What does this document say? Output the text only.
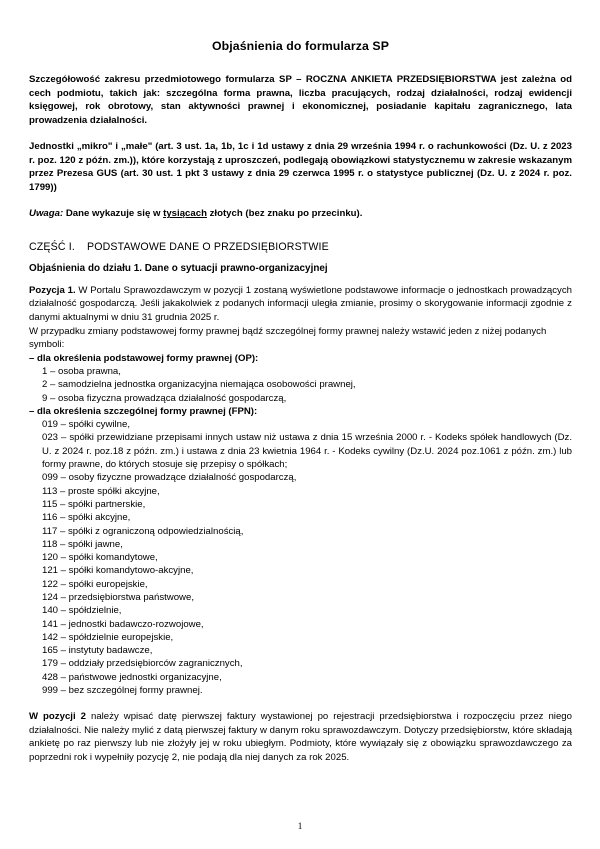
Objaśnienia do formularza SP

Szczegółowość zakresu przedmiotowego formularza SP – ROCZNA ANKIETA PRZEDSIĘBIORSTWA jest zależna od cech podmiotu, takich jak: szczególna forma prawna, liczba pracujących, rodzaj działalności, rodzaj ewidencji księgowej, rok obrotowy, stan aktywności prawnej i ekonomicznej, posiadanie kapitału zagranicznego, lata prowadzenia działalności.

Jednostki „mikro" i „małe" (art. 3 ust. 1a, 1b, 1c i 1d ustawy z dnia 29 września 1994 r. o rachunkowości (Dz. U. z 2023 r. poz. 120 z późn. zm.)), które korzystają z uproszczeń, podlegają obowiązkowi statystycznemu w zakresie wskazanym przez Prezesa GUS (art. 30 ust. 1 pkt 3 ustawy z dnia 29 czerwca 1995 r. o statystyce publicznej (Dz. U. z 2024 r. poz. 1799))

Uwaga: Dane wykazuje się w tysiącach złotych (bez znaku po przecinku).

CZĘŚĆ I. PODSTAWOWE DANE O PRZEDSIĘBIORSTWIE

Objaśnienia do działu 1. Dane o sytuacji prawno-organizacyjnej

Pozycja 1. W Portalu Sprawozdawczym w pozycji 1 zostaną wyświetlone podstawowe informacje o jednostkach prowadzących działalność gospodarczą. Jeśli jakakolwiek z podanych informacji uległa zmianie, prosimy o skorygowanie informacji zgodnie z danymi aktualnymi w dniu 31 grudnia 2025 r.

W przypadku zmiany podstawowej formy prawnej bądź szczególnej formy prawnej należy wstawić jeden z niżej podanych symboli:

– dla określenia podstawowej formy prawnej (OP):

1 – osoba prawna,

2 – samodzielna jednostka organizacyjna niemająca osobowości prawnej,

9 – osoba fizyczna prowadząca działalność gospodarczą,

– dla określenia szczególnej formy prawnej (FPN):

019 – spółki cywilne,

023 – spółki przewidziane przepisami innych ustaw niż ustawa z dnia 15 września 2000 r. - Kodeks spółek handlowych (Dz. U. z 2024 r. poz.18 z późn. zm.) i ustawa z dnia 23 kwietnia 1964 r. - Kodeks cywilny (Dz.U. 2024 poz.1061 z późn. zm.) lub formy prawne, do których stosuje się przepisy o spółkach;

099 – osoby fizyczne prowadzące działalność gospodarczą,

113 – proste spółki akcyjne,

115 – spółki partnerskie,

116 – spółki akcyjne,

117 – spółki z ograniczoną odpowiedzialnością,

118 – spółki jawne,

120 – spółki komandytowe,

121 – spółki komandytowo-akcyjne,

122 – spółki europejskie,

124 – przedsiębiorstwa państwowe,

140 – spółdzielnie,

141 – jednostki badawczo-rozwojowe,

142 – spółdzielnie europejskie,

165 – instytuty badawcze,

179 – oddziały przedsiębiorców zagranicznych,

428 – państwowe jednostki organizacyjne,

999 – bez szczególnej formy prawnej.

W pozycji 2 należy wpisać datę pierwszej faktury wystawionej po rejestracji przedsiębiorstwa i rozpoczęciu przez niego działalności. Nie należy mylić z datą pierwszej faktury w danym roku sprawozdawczym. Dotyczy przedsiębiorstw, które składają ankietę po raz pierwszy lub nie złożyły jej w roku ubiegłym. Podmioty, które wywiązały się z obowiązku sprawozdawczego za poprzedni rok i wypełniły pozycję 2, nie podają dla niej danych za rok 2025.

1
